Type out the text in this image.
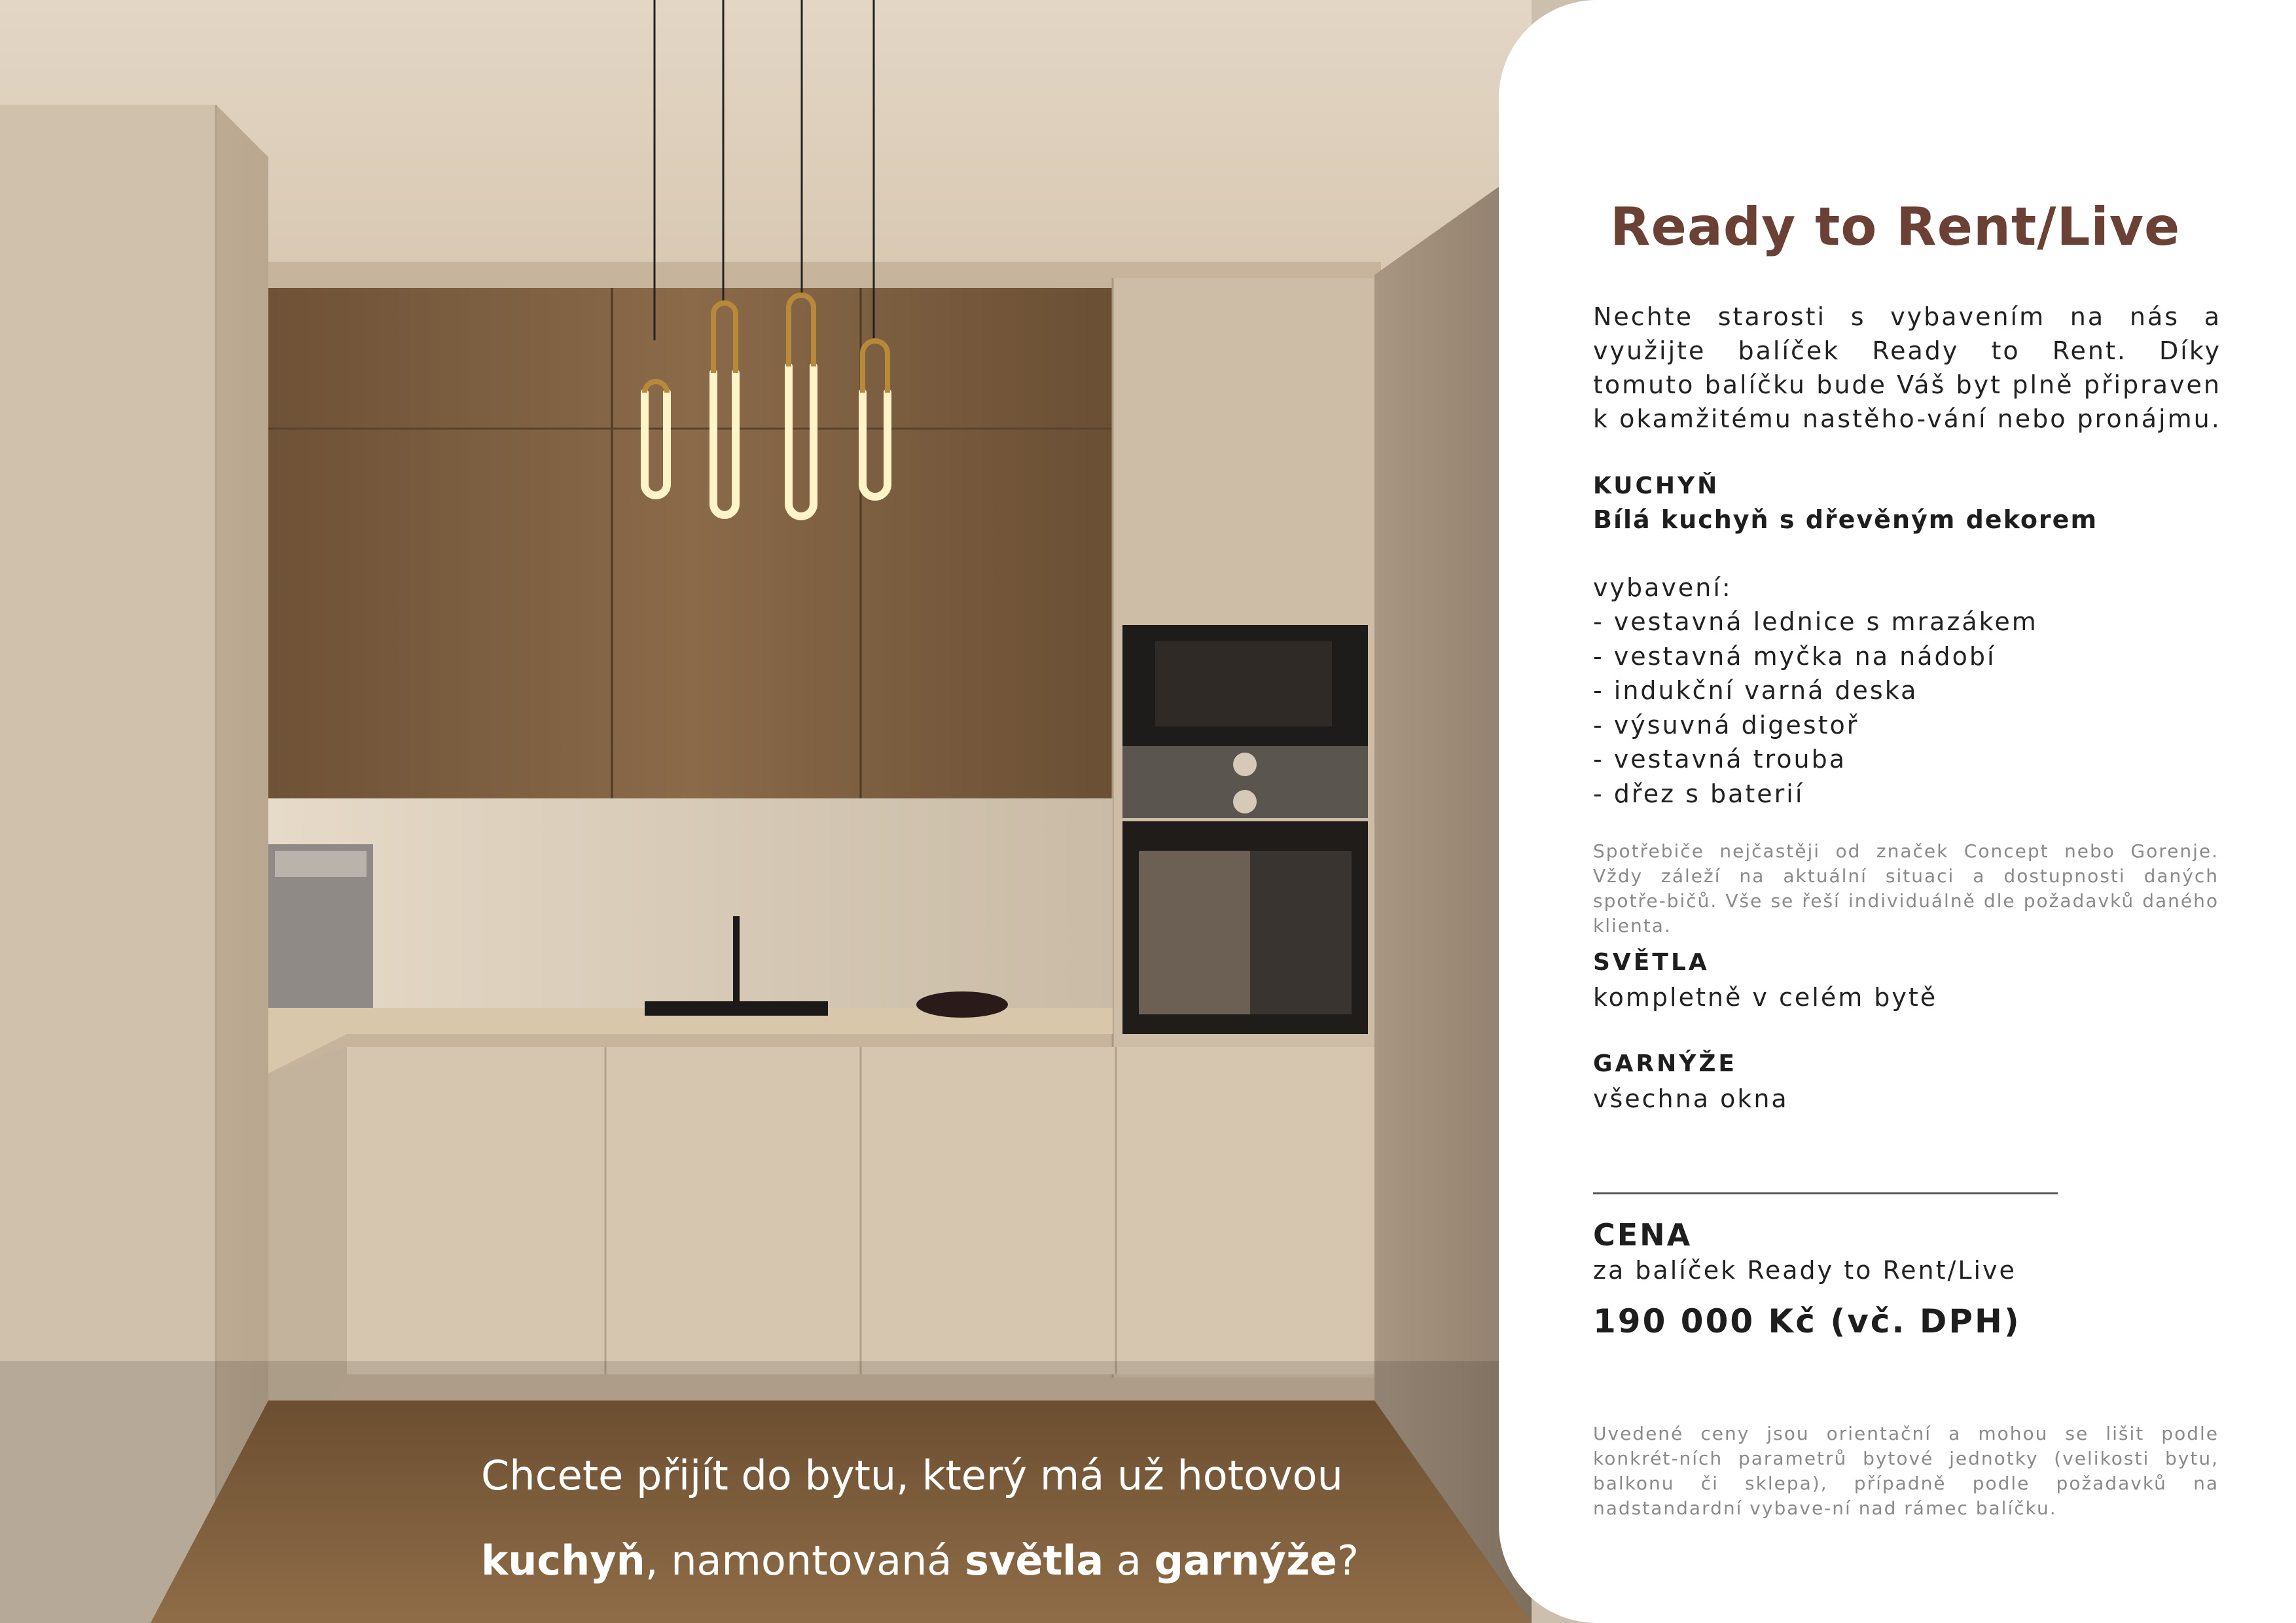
Chcete přijít do bytu, který má už hotovou
kuchyň, namontovaná světla a garnýže?
Ready to Rent/Live
Nechte starosti s vybavením na nás a využijte balíček Ready to Rent. Díky tomuto balíčku bude Váš byt plně připraven k okamžitému nastěho-vání nebo pronájmu.
KUCHYŇ
Bílá kuchyň s dřevěným dekorem
vybavení:
- vestavná lednice s mrazákem
- vestavná myčka na nádobí
- indukční varná deska
- výsuvná digestoř
- vestavná trouba
- dřez s baterií
Spotřebiče nejčastěji od značek Concept nebo Gorenje. Vždy záleží na aktuální situaci a dostupnosti daných spotře-bičů. Vše se řeší individuálně dle požadavků daného klienta.
SVĚTLA
kompletně v celém bytě
GARNÝŽE
všechna okna
CENA
za balíček Ready to Rent/Live
190 000 Kč (vč. DPH)
Uvedené ceny jsou orientační a mohou se lišit podle konkrét-ních parametrů bytové jednotky (velikosti bytu, balkonu či sklepa), případně podle požadavků na nadstandardní vybave-ní nad rámec balíčku.
